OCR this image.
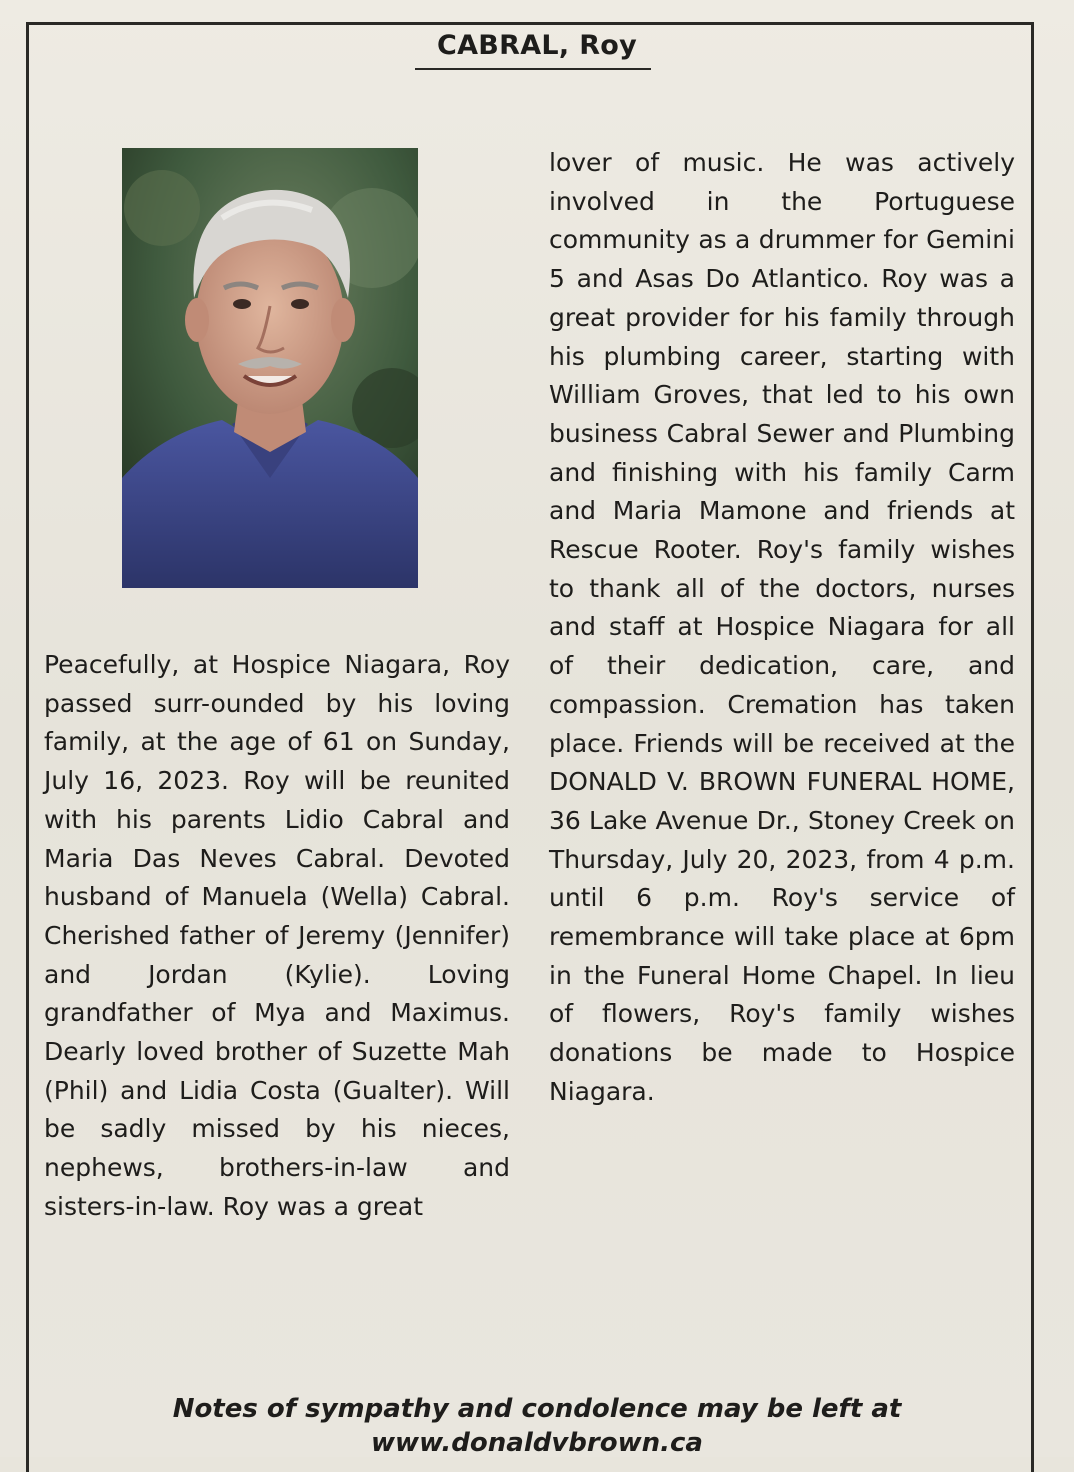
CABRAL, Roy
Peacefully, at Hospice Niagara, Roy passed surr-ounded by his loving family, at the age of 61 on Sunday, July 16, 2023. Roy will be reunited with his parents Lidio Cabral and Maria Das Neves Cabral. Devoted husband of Manuela (Wella) Cabral. Cherished father of Jeremy (Jennifer) and Jordan (Kylie). Loving grandfather of Mya and Maximus. Dearly loved brother of Suzette Mah (Phil) and Lidia Costa (Gualter). Will be sadly missed by his nieces, nephews, brothers-in-law and sisters-in-law. Roy was a great
lover of music. He was actively involved in the Portuguese community as a drummer for Gemini 5 and Asas Do Atlantico. Roy was a great provider for his family through his plumbing career, starting with William Groves, that led to his own business Cabral Sewer and Plumbing and finishing with his family Carm and Maria Mamone and friends at Rescue Rooter. Roy's family wishes to thank all of the doctors, nurses and staff at Hospice Niagara for all of their dedication, care, and compassion. Cremation has taken place. Friends will be received at the DONALD V. BROWN FUNERAL HOME, 36 Lake Avenue Dr., Stoney Creek on Thursday, July 20, 2023, from 4 p.m. until 6 p.m. Roy's service of remembrance will take place at 6pm in the Funeral Home Chapel. In lieu of flowers, Roy's family wishes donations be made to Hospice Niagara.
Notes of sympathy and condolence may be left at
www.donaldvbrown.ca
